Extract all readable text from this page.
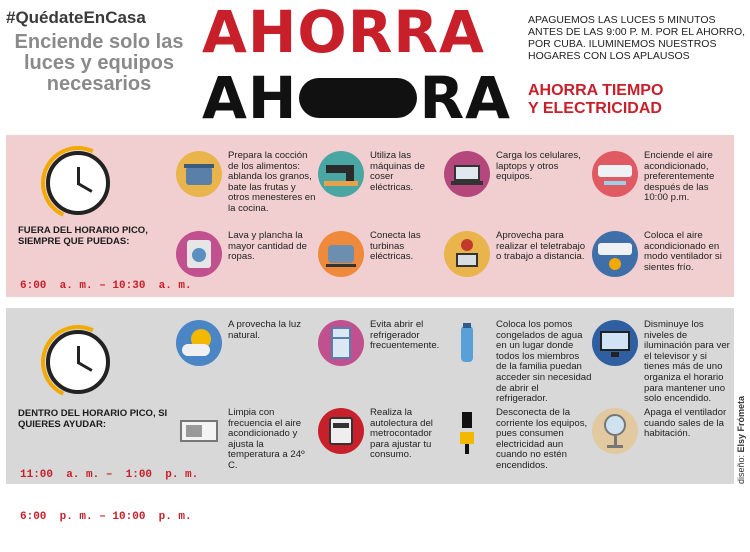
#QuédateEnCasa
Enciende solo las luces y equipos necesarios
AHORRA
AH RA
APAGUEMOS LAS LUCES 5 MINUTOS ANTES DE LAS 9:00 P. M. POR EL AHORRO, POR CUBA. ILUMINEMOS NUESTROS HOGARES CON LOS APLAUSOS
AHORRA TIEMPO
Y ELECTRICIDAD
FUERA DEL HORARIO PICO, SIEMPRE QUE PUEDAS:

6:00  a. m. – 10:30  a. m.

Prepara la cocción de los alimentos: ablanda los granos, bate las frutas y otros menesteres en la cocina.
Utiliza las máquinas de coser eléctricas.
Carga los celulares, laptops y otros equipos.
Enciende el aire acondicionado, preferentemente después de las 10:00 p.m.
Lava y plancha la mayor cantidad de ropas.
Conecta las turbinas eléctricas.
Aprovecha para realizar el teletrabajo o trabajo a distancia.
Coloca el aire acondicionado en modo ventilador si sientes frío.
DENTRO DEL HORARIO PICO, SI QUIERES AYUDAR:

11:00  a. m. –  1:00  p. m.

6:00  p. m. – 10:00  p. m.

A provecha la luz natural.
Evita abrir el refrigerador frecuentemente.
Coloca los pomos congelados de agua en un lugar donde todos los miembros de la familia puedan acceder sin necesidad de abrir el refrigerador.
Disminuye los niveles de iluminación para ver el televisor y si tienes más de uno organiza el horario para mantener uno solo encendido.
Limpia con frecuencia el aire acondicionado y ajusta la temperatura a 24º C.
Realiza la autolectura del metrocontador para ajustar tu consumo.
Desconecta de la corriente los equipos, pues consumen electricidad aun cuando no estén encendidos.
Apaga el ventilador cuando sales de la habitación.
diseño: Elsy Frómeta
